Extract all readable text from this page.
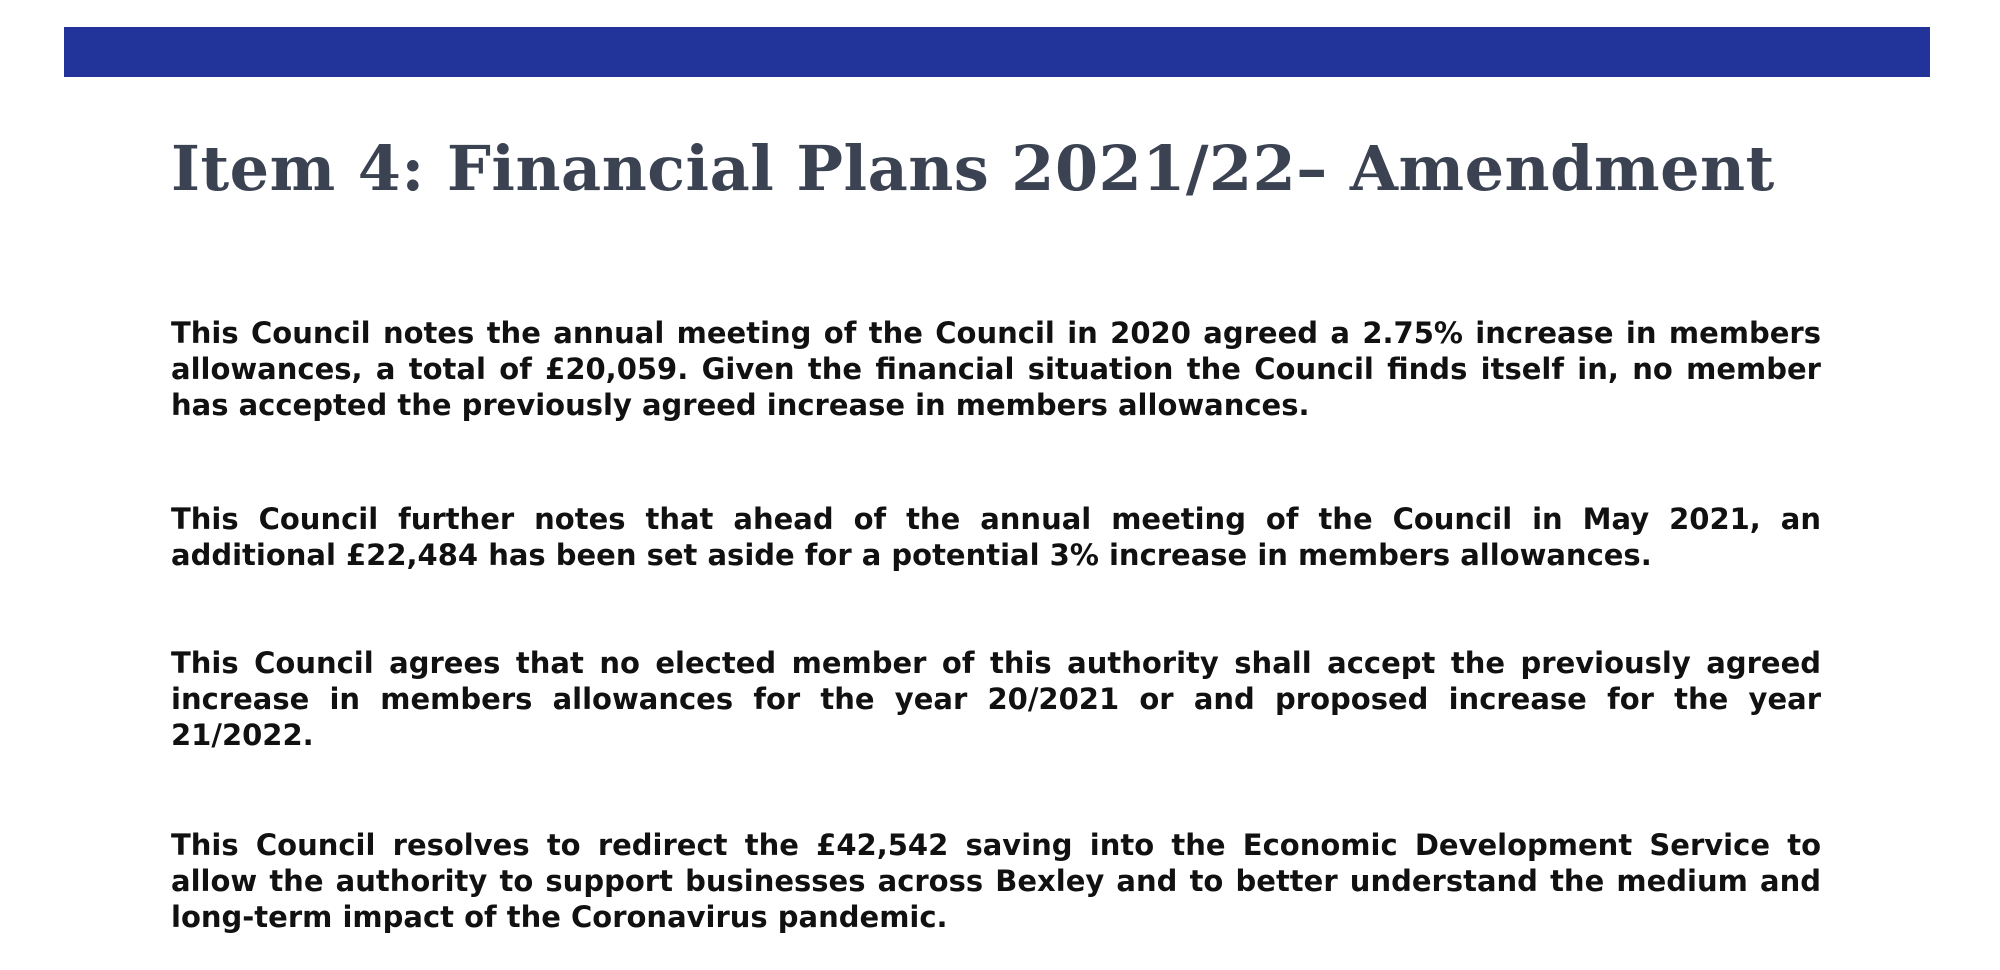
Item 4: Financial Plans 2021/22– Amendment

This Council notes the annual meeting of the Council in 2020 agreed a 2.75% increase in members allowances, a total of £20,059. Given the financial situation the Council finds itself in, no member has accepted the previously agreed increase in members allowances.

This Council further notes that ahead of the annual meeting of the Council in May 2021, an additional £22,484 has been set aside for a potential 3% increase in members allowances.

This Council agrees that no elected member of this authority shall accept the previously agreed increase in members allowances for the year 20/2021 or and proposed increase for the year 21/2022.

This Council resolves to redirect the £42,542 saving into the Economic Development Service to allow the authority to support businesses across Bexley and to better understand the medium and long-term impact of the Coronavirus pandemic.
